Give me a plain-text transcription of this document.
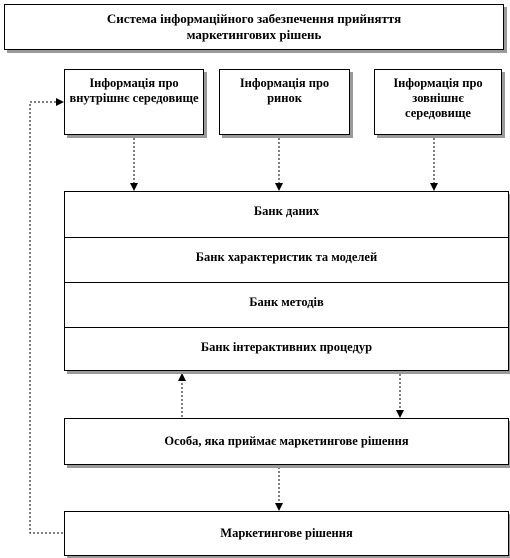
Система інформаційного забезпечення прийняття маркетингових рішень
Інформація про внутрішнє середовище
Інформація про ринок
Інформація про зовнішнє середовище
Банк даних
Банк характеристик та моделей
Банк методів
Банк інтерактивних процедур
Особа, яка приймає маркетингове рішення
Маркетингове рішення
